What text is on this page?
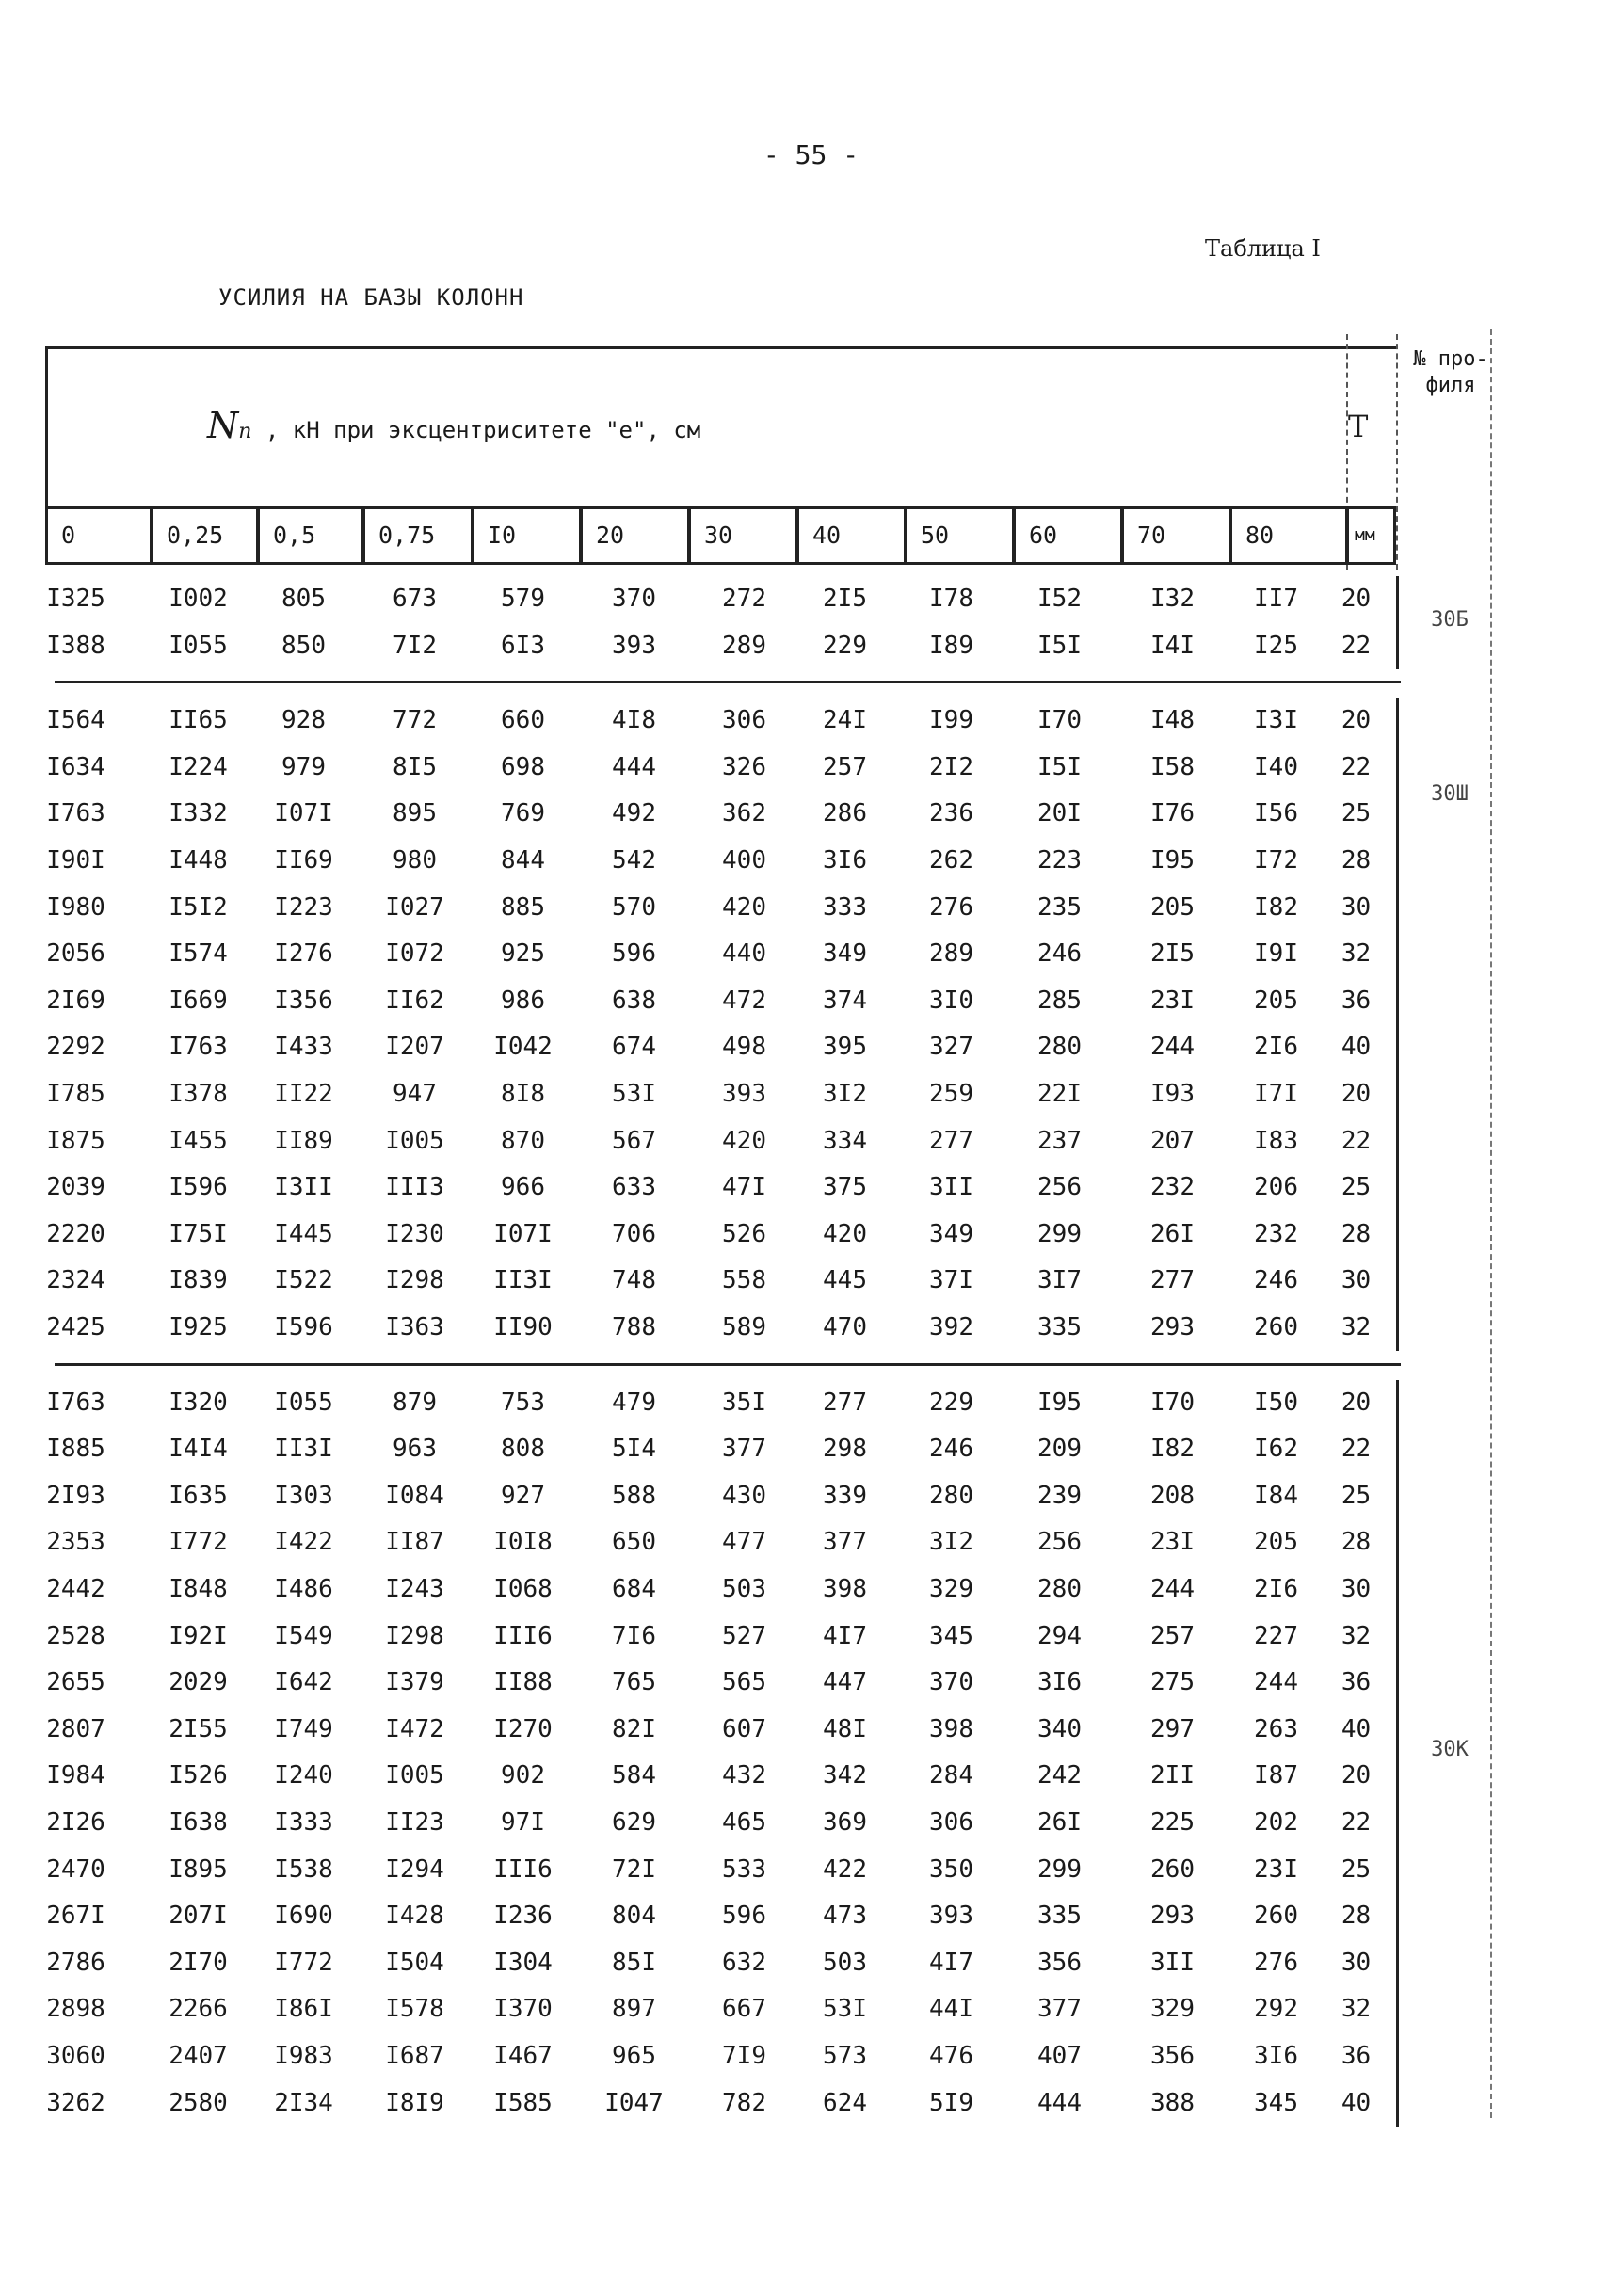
- 55 -
Таблица I
УСИЛИЯ НА БАЗЫ КОЛОНН
Nп , кН при эксцентриситете "е", см	Т
№ про- филя
0	0,25	0,5	0,75	I0	20	30	40	50	60	70	80	мм
I325	I002	805	673	579	370	272	2I5	I78	I52	I32	II7	20
I388	I055	850	7I2	6I3	393	289	229	I89	I5I	I4I	I25	22
30Б
I564	II65	928	772	660	4I8	306	24I	I99	I70	I48	I3I	20
I634	I224	979	8I5	698	444	326	257	2I2	I5I	I58	I40	22
I763	I332	I07I	895	769	492	362	286	236	20I	I76	I56	25
I90I	I448	II69	980	844	542	400	3I6	262	223	I95	I72	28
I980	I5I2	I223	I027	885	570	420	333	276	235	205	I82	30
2056	I574	I276	I072	925	596	440	349	289	246	2I5	I9I	32
2I69	I669	I356	II62	986	638	472	374	3I0	285	23I	205	36
2292	I763	I433	I207	I042	674	498	395	327	280	244	2I6	40
I785	I378	II22	947	8I8	53I	393	3I2	259	22I	I93	I7I	20
I875	I455	II89	I005	870	567	420	334	277	237	207	I83	22
2039	I596	I3II	III3	966	633	47I	375	3II	256	232	206	25
2220	I75I	I445	I230	I07I	706	526	420	349	299	26I	232	28
2324	I839	I522	I298	II3I	748	558	445	37I	3I7	277	246	30
2425	I925	I596	I363	II90	788	589	470	392	335	293	260	32
30Ш
I763	I320	I055	879	753	479	35I	277	229	I95	I70	I50	20
I885	I4I4	II3I	963	808	5I4	377	298	246	209	I82	I62	22
2I93	I635	I303	I084	927	588	430	339	280	239	208	I84	25
2353	I772	I422	II87	I0I8	650	477	377	3I2	256	23I	205	28
2442	I848	I486	I243	I068	684	503	398	329	280	244	2I6	30
2528	I92I	I549	I298	III6	7I6	527	4I7	345	294	257	227	32
2655	2029	I642	I379	II88	765	565	447	370	3I6	275	244	36
2807	2I55	I749	I472	I270	82I	607	48I	398	340	297	263	40
I984	I526	I240	I005	902	584	432	342	284	242	2II	I87	20
2I26	I638	I333	II23	97I	629	465	369	306	26I	225	202	22
2470	I895	I538	I294	III6	72I	533	422	350	299	260	23I	25
267I	207I	I690	I428	I236	804	596	473	393	335	293	260	28
2786	2I70	I772	I504	I304	85I	632	503	4I7	356	3II	276	30
2898	2266	I86I	I578	I370	897	667	53I	44I	377	329	292	32
3060	2407	I983	I687	I467	965	7I9	573	476	407	356	3I6	36
3262	2580	2I34	I8I9	I585	I047	782	624	5I9	444	388	345	40
30К
